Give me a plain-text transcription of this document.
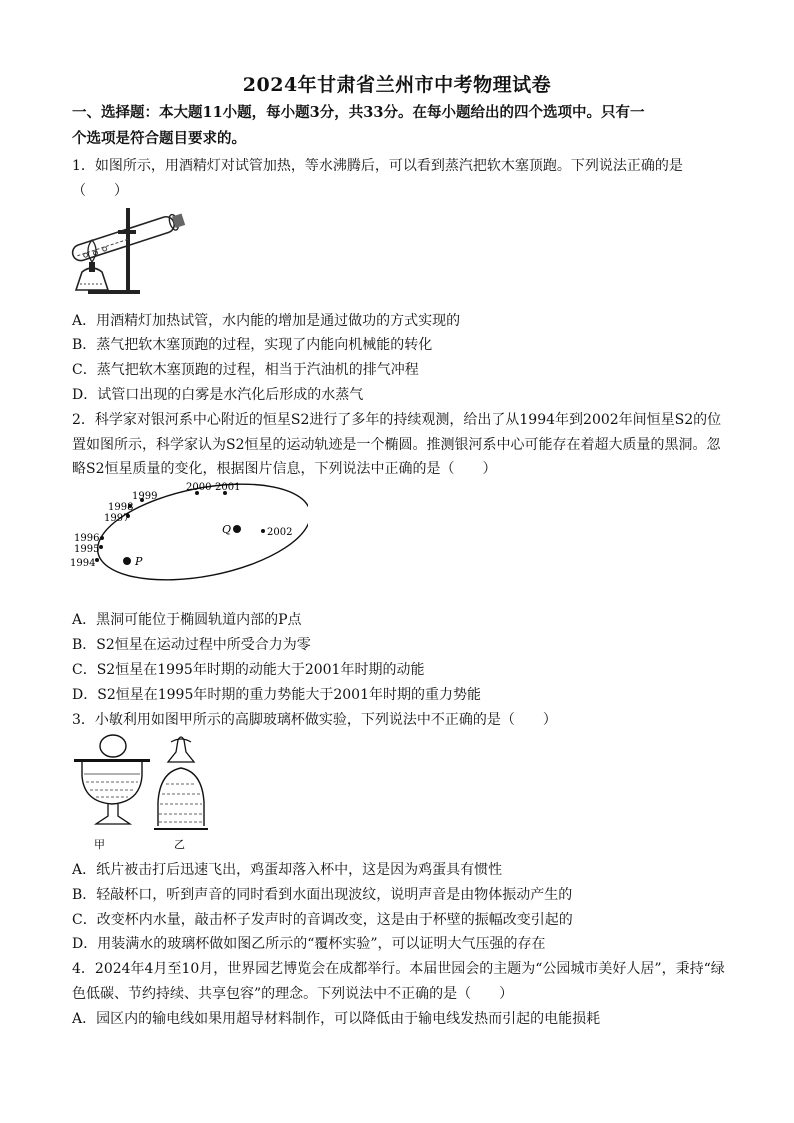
2024年甘肃省兰州市中考物理试卷
一、选择题：本大题11小题，每小题3分，共33分。在每小题给出的四个选项中。只有一
个选项是符合题目要求的。
1．如图所示，用酒精灯对试管加热，等水沸腾后，可以看到蒸汽把软木塞顶跑。下列说法正确的是
（　　）
A．用酒精灯加热试管，水内能的增加是通过做功的方式实现的
B．蒸气把软木塞顶跑的过程，实现了内能向机械能的转化
C．蒸气把软木塞顶跑的过程，相当于汽油机的排气冲程
D．试管口出现的白雾是水汽化后形成的水蒸气
2．科学家对银河系中心附近的恒星S2进行了多年的持续观测，给出了从1994年到2002年间恒星S2的位
置如图所示，科学家认为S2恒星的运动轨迹是一个椭圆。推测银河系中心可能存在着超大质量的黑洞。忽
略S2恒星质量的变化，根据图片信息，下列说法中正确的是（　　）
1994
1995
1996
1997
1998
1999
2000 2001
2002
P
Q
A．黑洞可能位于椭圆轨道内部的P点
B．S2恒星在运动过程中所受合力为零
C．S2恒星在1995年时期的动能大于2001年时期的动能
D．S2恒星在1995年时期的重力势能大于2001年时期的重力势能
3．小敏利用如图甲所示的高脚玻璃杯做实验，下列说法中不正确的是（　　）
甲	乙
A．纸片被击打后迅速飞出，鸡蛋却落入杯中，这是因为鸡蛋具有惯性
B．轻敲杯口，听到声音的同时看到水面出现波纹，说明声音是由物体振动产生的
C．改变杯内水量，敲击杯子发声时的音调改变，这是由于杯壁的振幅改变引起的
D．用装满水的玻璃杯做如图乙所示的“覆杯实验”，可以证明大气压强的存在
4．2024年4月至10月，世界园艺博览会在成都举行。本届世园会的主题为“公园城市美好人居”，秉持“绿
色低碳、节约持续、共享包容”的理念。下列说法中不正确的是（　　）
A．园区内的输电线如果用超导材料制作，可以降低由于输电线发热而引起的电能损耗
